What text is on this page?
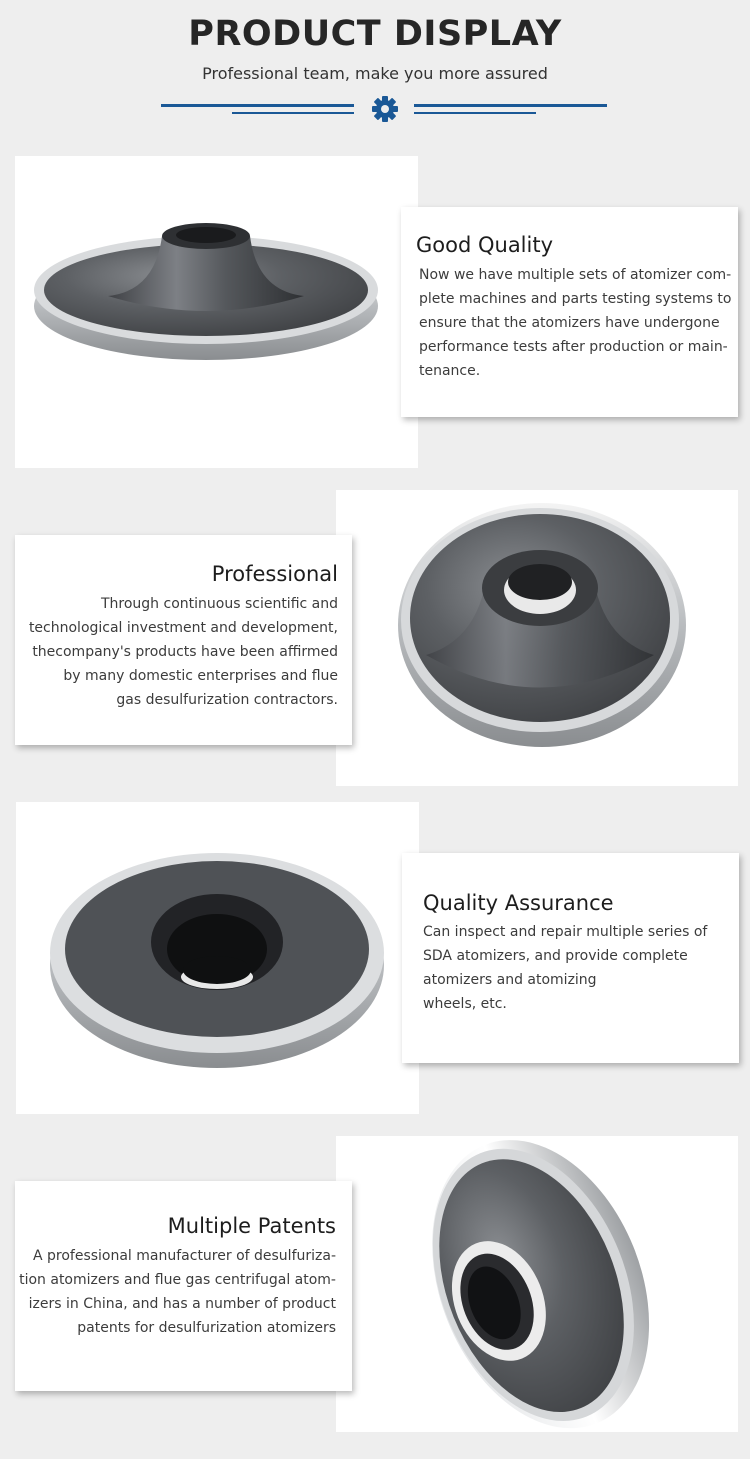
PRODUCT DISPLAY
Professional team, make you more assured
Good Quality

Now we have multiple sets of atomizer com-

plete machines and parts testing systems to

ensure that the atomizers have undergone

performance tests after production or main-

tenance.

Professional

Through continuous scientific and

technological investment and development,

thecompany's products have been affirmed

by many domestic enterprises and flue

gas desulfurization contractors.

Quality Assurance

Can inspect and repair multiple series of

SDA atomizers, and provide complete

atomizers and atomizing

wheels, etc.

Multiple Patents

A professional manufacturer of desulfuriza-

tion atomizers and flue gas centrifugal atom-

izers in China, and has a number of product

patents for desulfurization atomizers
